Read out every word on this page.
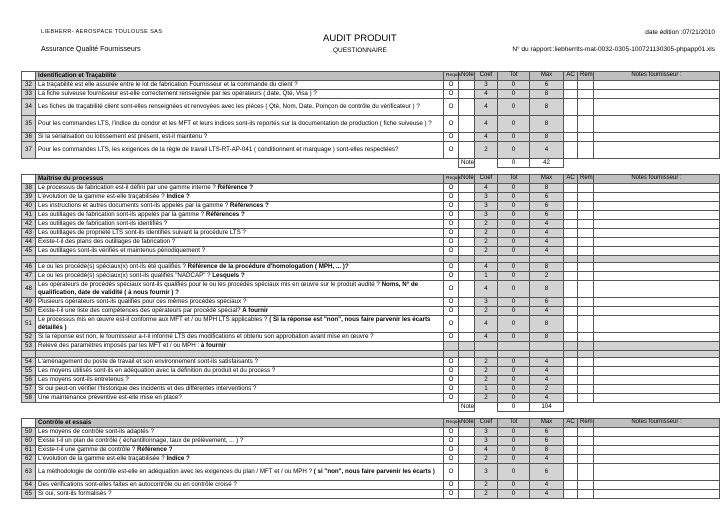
LIEBHERR- AEROSPACE TOULOUSE SAS
Assurance Qualité Fournisseurs
AUDIT PRODUIT
QUESTIONNAIRE
date édition :07/21/2010
N° du rapport::liebherrlts-mat-0032-0305-100721130305-phpapp01.xls
	Identification et Traçabilité	Requis	Note	Coef	Tot	Max	AC	Rem	Notes fournisseur :
32	La traçabilité est elle assurée entre le lot de fabrication Fournisseur et la commande du client ?	O		3	0	6			
33	La fiche suiveuse fournisseur est-elle correctement renseignée par les opérateurs ( date, Qté, Visa ) ?	O		4	0	8			
34	Les fiches de traçabilité client sont-elles renseignées et renvoyées avec les pièces ( Qté, Nom, Date, Poinçon de contrôle du vérificateur ) ?	O		4	0	8			
35	Pour les commandes LTS, l'indice du condor et les MFT et leurs indices sont-ils reportés sur la documentation de production ( fiche suiveuse ) ?	O		4	0	8			
36	Si la sérialisation ou lotissement est présent, est-il maintenu ?	O		4	0	8			
37	Pour les commandes LTS, les exigences de la règle de travail LTS-RT-AP-041 ( conditionnent et marquage ) sont-elles respectées?	O		2	0	4			
			Note		0	42			

	Maîtrise du processus	Requis	Note	Coef	Tot	Max	AC	Rem	Notes fournisseur :
38	Le processus de fabrication est-il défini par une gamme interne ? Référence ?	O		4	0	8			
39	L'évolution de la gamme est-elle traçabilisée ? Indice ?	O		3	0	6			
40	Les instructions et autres documents sont-ils appelés par la gamme ? Références ?	O		3	0	6			
41	Les outillages de fabrication sont-ils appelés par la gamme ? Références ?	O		3	0	6			
42	Les outillages de fabrication sont-ils identifiés ?	O		2	0	4			
43	Les outillages de propriété LTS sont-ils identifiés suivant la procédure LTS ?	O		2	0	4			
44	Existe-t-il des plans des outillages de fabrication ?	O		2	0	4			
45	Les outillages sont-ils vérifiés et maintenus périodiquement ?	O		2	0	4			

46	Le ou les procédé(s) spéciaux(x) ont-ils été qualifiés ? Référence de la procédure d'homologation ( MPH, ... )?	O		4	0	8			
47	Le ou les procédé(s) spéciaux(x) sont-ils qualifiés "NADCAP" ? Lesquels ?	O		1	0	2			
48	Les opérateurs de procédés spéciaux sont-ils qualifiés pour le ou les procédés spéciaux mis en œuvre sur le produit audité ? Noms, N° de qualification, date de validité ( à nous fournir ) ?	O		4	0	8			
49	Plusieurs opérateurs sont-ils qualifiés pour ces mêmes procédés spéciaux ?	O		3	0	6			
50	Existe-t-il une liste des compétences des opérateurs par procédé spécial? A fournir	O		2	0	4			
51	Le processus mis en œuvre est-il conforme aux MFT et / ou MPH LTS applicables ? ( Si la réponse est "non", nous faire parvenir les écarts détaillés )	O		4	0	8			
52	Si la réponse est non, le fournisseur a-t-il informé LTS des modifications et obtenu son approbation avant mise en œuvre ?	O		4	0	8			
53	Relevé des paramètres imposés par les MFT et / ou MPH : à fournir								

54	L'aménagement du poste de travail et son environnement sont-ils satisfaisants ?	O		2	0	4			
55	Les moyens utilisés sont-ils en adéquation avec la définition du produit et du process ?	O		2	0	4			
56	Les moyens sont-ils entretenus ?	O		2	0	4			
57	Si oui peut-on vérifier l'historique des incidents et des différentes interventions ?	O		1	0	2			
58	Une maintenance préventive est-elle mise en place?	O		2	0	4			
			Note		0	104			

	Contrôle et essais	Requis	Note	Coef	Tot	Max	AC	Rem	Notes fournisseur :
59	Les moyens de contrôle sont-ils adaptés ?	O		3	0	6			
60	Existe t-il un plan de contrôle ( échantillonnage, taux de prélèvement, ... ) ?	O		3	0	6			
61	Existe-t-il une gamme de contrôle ? Référence ?	O		4	0	8			
62	L'évolution de la gamme est-elle traçabilisée ? Indice ?	O		2	0	4			
63	La méthodologie de contrôle est-elle en adéquation avec les exigences du plan / MFT et / ou MPH ? ( si "non", nous faire parvenir les écarts )	O		3	0	6			
64	Des vérifications sont-elles faites en autocontrôle ou en contrôle croisé ?	O		2	0	4			
65	Si oui, sont-ils formalisés ?	O		2	0	4			
